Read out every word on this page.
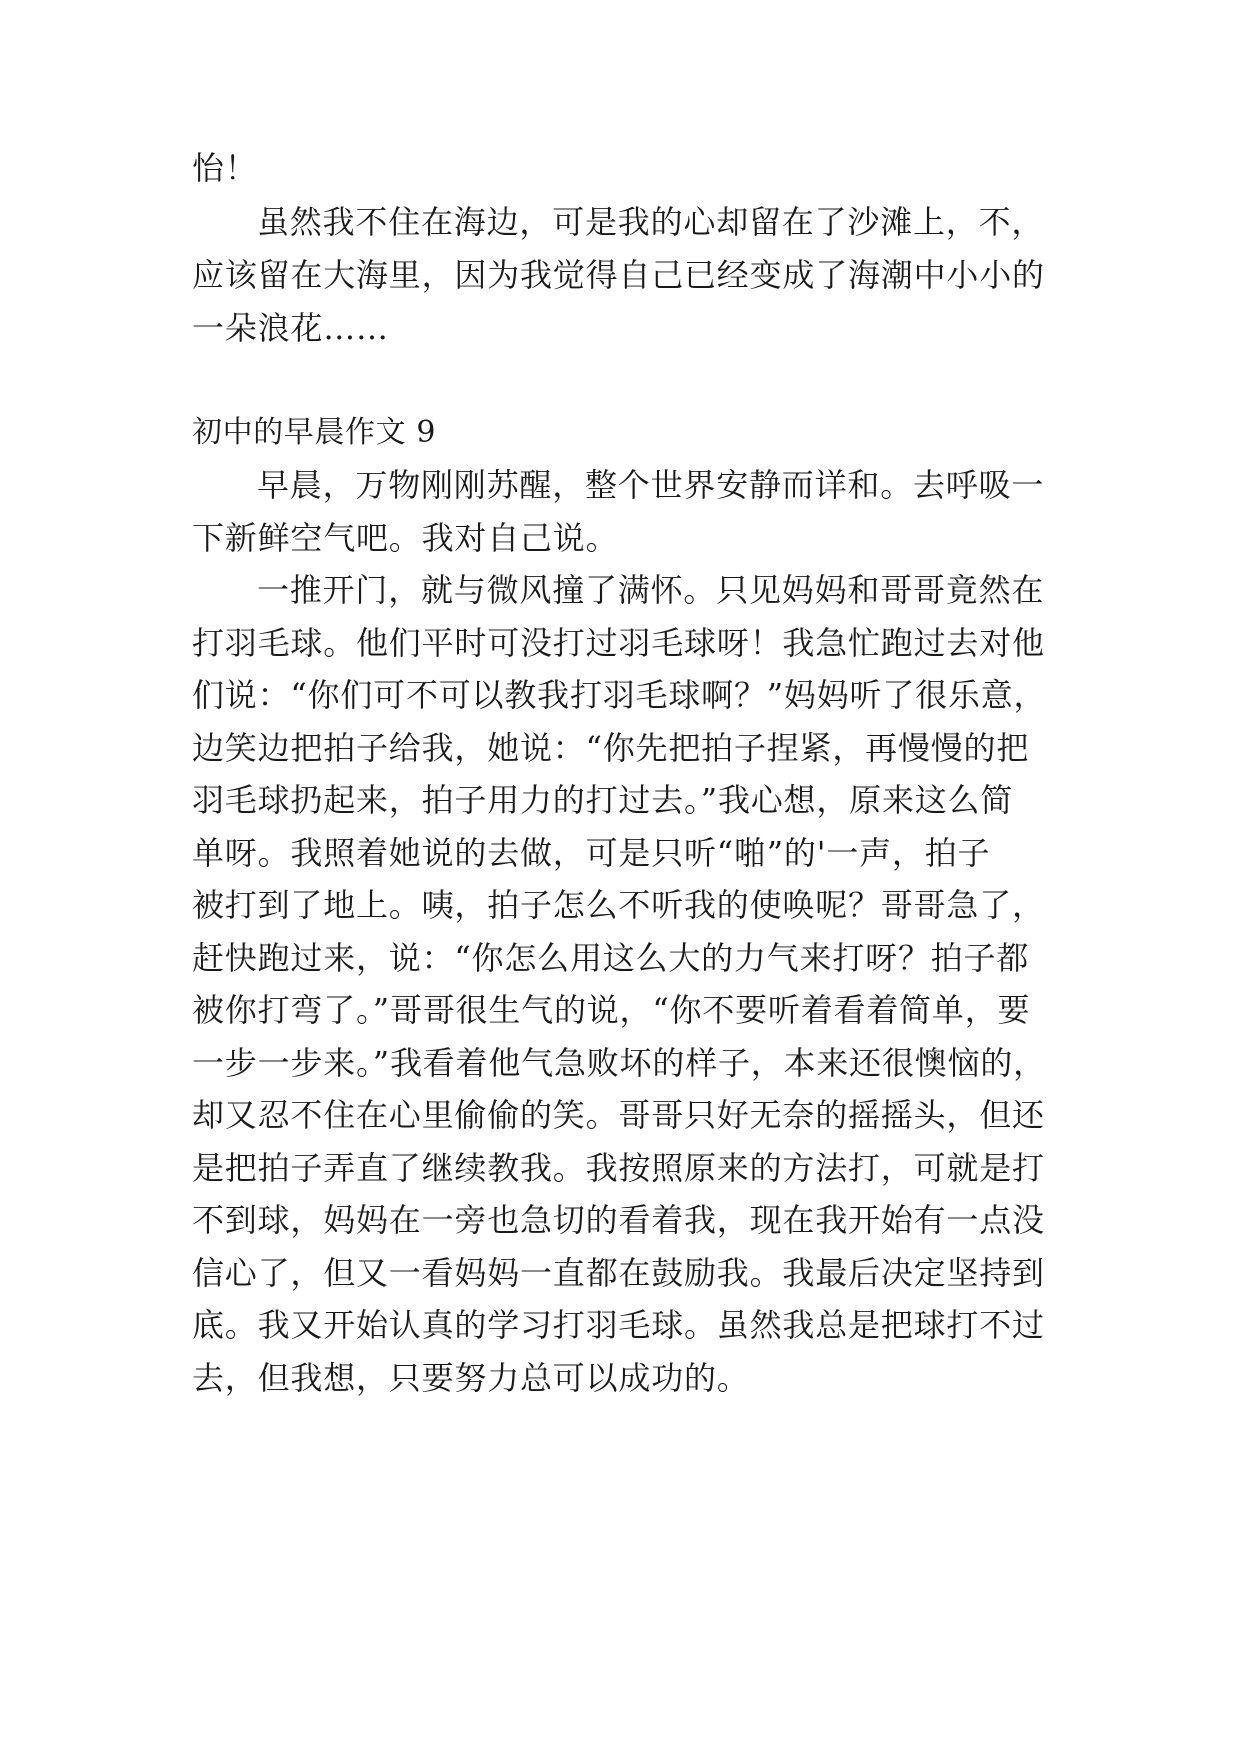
怡！
虽然我不住在海边，可是我的心却留在了沙滩上，不，
应该留在大海里，因为我觉得自己已经变成了海潮中小小的
一朵浪花……
初中的早晨作文 9
早晨，万物刚刚苏醒，整个世界安静而详和。去呼吸一
下新鲜空气吧。我对自己说。
一推开门，就与微风撞了满怀。只见妈妈和哥哥竟然在
打羽毛球。他们平时可没打过羽毛球呀！我急忙跑过去对他
们说：“你们可不可以教我打羽毛球啊？”妈妈听了很乐意，
边笑边把拍子给我，她说：“你先把拍子捏紧，再慢慢的把
羽毛球扔起来，拍子用力的打过去。”我心想，原来这么简
单呀。我照着她说的去做，可是只听“啪”的'一声，拍子
被打到了地上。咦，拍子怎么不听我的使唤呢？哥哥急了，
赶快跑过来，说：“你怎么用这么大的力气来打呀？拍子都
被你打弯了。”哥哥很生气的说，“你不要听着看着简单，要
一步一步来。”我看着他气急败坏的样子，本来还很懊恼的，
却又忍不住在心里偷偷的笑。哥哥只好无奈的摇摇头，但还
是把拍子弄直了继续教我。我按照原来的方法打，可就是打
不到球，妈妈在一旁也急切的看着我，现在我开始有一点没
信心了，但又一看妈妈一直都在鼓励我。我最后决定坚持到
底。我又开始认真的学习打羽毛球。虽然我总是把球打不过
去，但我想，只要努力总可以成功的。
